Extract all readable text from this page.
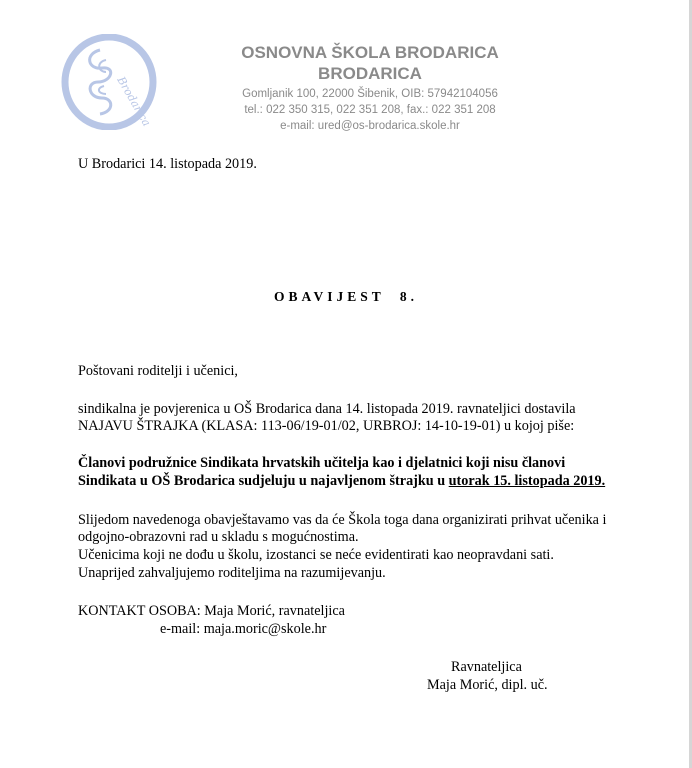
Brodarica
OSNOVNA ŠKOLA BRODARICA
BRODARICA
Gomljanik 100, 22000 Šibenik, OIB: 57942104056
tel.: 022 350 315, 022 351 208, fax.: 022 351 208
e-mail: ured@os-brodarica.skole.hr
U Brodarici 14. listopada 2019.
OBAVIJEST 8.
Poštovani roditelji i učenici,
sindikalna je povjerenica u OŠ Brodarica dana 14. listopada 2019. ravnateljici dostavila
NAJAVU ŠTRAJKA (KLASA: 113-06/19-01/02, URBROJ: 14-10-19-01) u kojoj piše:
Članovi podružnice Sindikata hrvatskih učitelja kao i djelatnici koji nisu članovi
Sindikata u OŠ Brodarica sudjeluju u najavljenom štrajku u utorak 15. listopada 2019.
Slijedom navedenoga obavještavamo vas da će Škola toga dana organizirati prihvat učenika i
odgojno-obrazovni rad u skladu s mogućnostima.
Učenicima koji ne dođu u školu, izostanci se neće evidentirati kao neopravdani sati.
Unaprijed zahvaljujemo roditeljima na razumijevanju.
KONTAKT OSOBA: Maja Morić, ravnateljica
e-mail: maja.moric@skole.hr
Ravnateljica
Maja Morić, dipl. uč.
